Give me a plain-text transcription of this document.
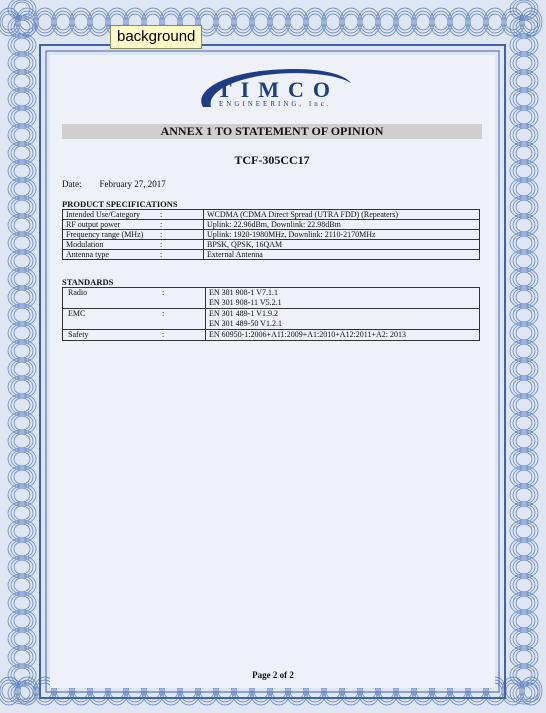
background
TIMCO
ENGINEERING, Inc.
ANNEX 1 TO STATEMENT OF OPINION
TCF-305CC17
Date: February 27, 2017
PRODUCT SPECIFICATIONS
Intended Use/Category	:	WCDMA (CDMA Direct Spread (UTRA FDD) (Repeaters)
RF output power	:	Uplink: 22.96dBm, Downlink: 22.98dBm
Frequency range (MHz)	:	Uplink: 1920-1980MHz, Downlink: 2110-2170MHz
Modulation	:	BPSK, QPSK, 16QAM
Antenna type	:	External Antenna
STANDARDS
Radio	:	EN 301 908-1 V7.1.1
EN 301 908-11 V5.2.1

EMC	:	EN 301 489-1 V1.9.2
EN 301 489-50 V1.2.1

Safety	:	EN 60950-1:2006+A11:2009+A1:2010+A12:2011+A2: 2013
Page 2 of 2
